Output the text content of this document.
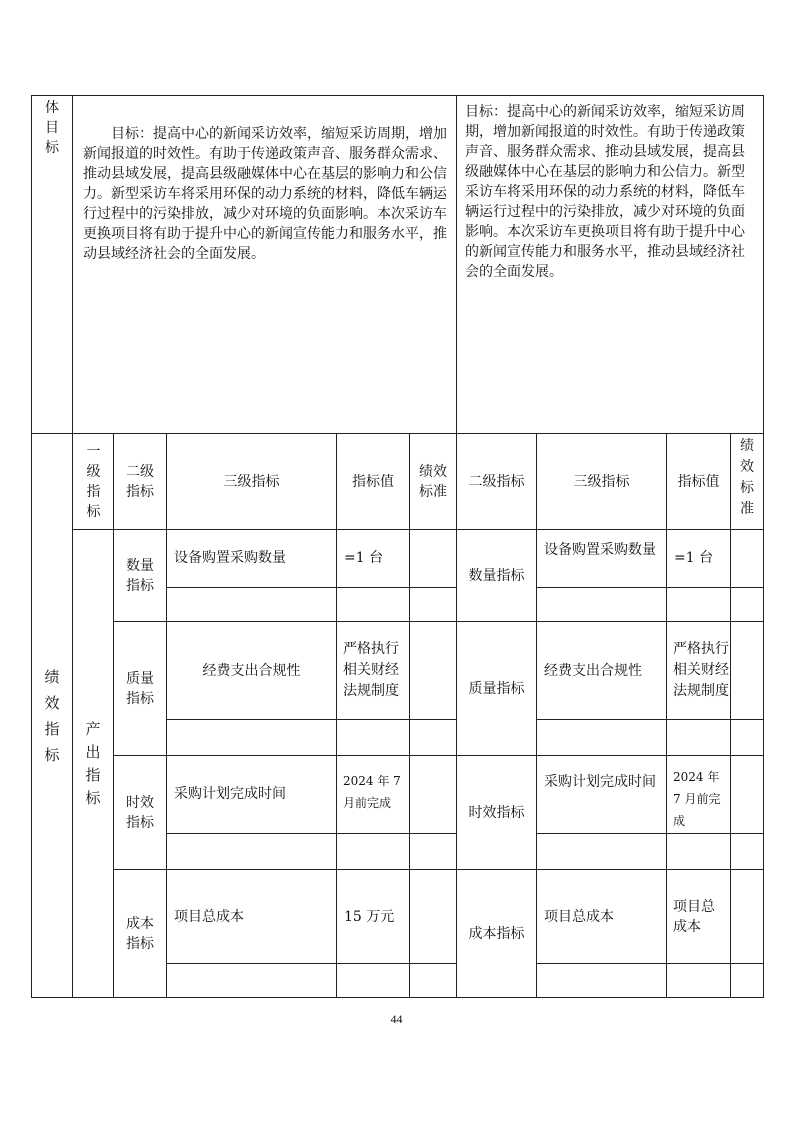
体目标	目标：提高中心的新闻采访效率，缩短采访周期，增加新闻报道的时效性。有助于传递政策声音、服务群众需求、推动县域发展，提高县级融媒体中心在基层的影响力和公信力。新型采访车将采用环保的动力系统的材料，降低车辆运行过程中的污染排放，减少对环境的负面影响。本次采访车更换项目将有助于提升中心的新闻宣传能力和服务水平，推动县域经济社会的全面发展。					目标：提高中心的新闻采访效率，缩短采访周期，增加新闻报道的时效性。有助于传递政策声音、服务群众需求、推动县域发展，提高县级融媒体中心在基层的影响力和公信力。新型采访车将采用环保的动力系统的材料，降低车辆运行过程中的污染排放，减少对环境的负面影响。本次采访车更换项目将有助于提升中心的新闻宣传能力和服务水平，推动县域经济社会的全面发展。			

绩效指标	一级指标	二级指标	三级指标	指标值	绩效标准	二级指标	三级指标	指标值	绩效标准

	产出指标	数量指标	设备购置采购数量	=1 台		数量指标	设备购置采购数量	=1 台	

		质量指标	经费支出合规性	严格执行相关财经法规制度		质量指标	经费支出合规性	严格执行相关财经法规制度	

		时效指标	采购计划完成时间	2024 年 7 月前完成		时效指标	采购计划完成时间	2024 年 7 月前完成	

		成本指标	项目总成本	15 万元		成本指标	项目总成本	项目总成本	

44
